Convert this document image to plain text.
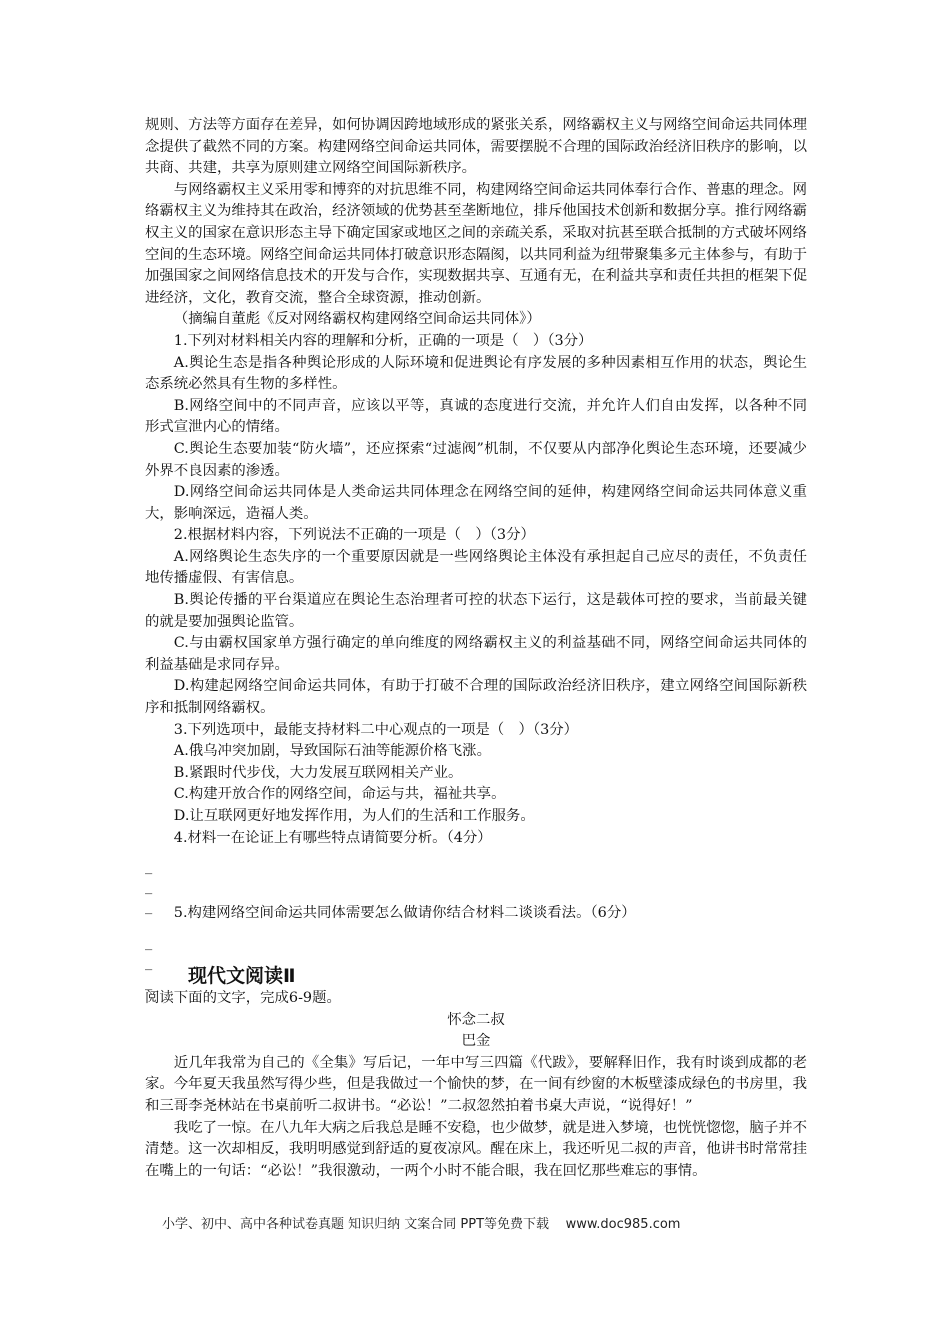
规则、方法等方面存在差异，如何协调因跨地域形成的紧张关系，网络霸权主义与网络空间命运共同体理念提供了截然不同的方案。构建网络空间命运共同体，需要摆脱不合理的国际政治经济旧秩序的影响，以共商、共建，共享为原则建立网络空间国际新秩序。

与网络霸权主义采用零和博弈的对抗思维不同，构建网络空间命运共同体奉行合作、普惠的理念。网络霸权主义为维持其在政治，经济领域的优势甚至垄断地位，排斥他国技术创新和数据分享。推行网络霸权主义的国家在意识形态主导下确定国家或地区之间的亲疏关系，采取对抗甚至联合抵制的方式破坏网络空间的生态环境。网络空间命运共同体打破意识形态隔阂，以共同利益为纽带聚集多元主体参与，有助于加强国家之间网络信息技术的开发与合作，实现数据共享、互通有无，在利益共享和责任共担的框架下促进经济，文化，教育交流，整合全球资源，推动创新。

（摘编自董彪《反对网络霸权构建网络空间命运共同体》）

1.下列对材料相关内容的理解和分析，正确的一项是（　）（3分）

A.舆论生态是指各种舆论形成的人际环境和促进舆论有序发展的多种因素相互作用的状态，舆论生态系统必然具有生物的多样性。

B.网络空间中的不同声音，应该以平等，真诚的态度进行交流，并允许人们自由发挥，以各种不同形式宣泄内心的情绪。

C.舆论生态要加装“防火墙”，还应探索“过滤阀”机制，不仅要从内部净化舆论生态环境，还要减少外界不良因素的渗透。

D.网络空间命运共同体是人类命运共同体理念在网络空间的延伸，构建网络空间命运共同体意义重大，影响深远，造福人类。

2.根据材料内容，下列说法不正确的一项是（　）（3分）

A.网络舆论生态失序的一个重要原因就是一些网络舆论主体没有承担起自己应尽的责任，不负责任地传播虚假、有害信息。

B.舆论传播的平台渠道应在舆论生态治理者可控的状态下运行，这是载体可控的要求，当前最关键的就是要加强舆论监管。

C.与由霸权国家单方强行确定的单向维度的网络霸权主义的利益基础不同，网络空间命运共同体的利益基础是求同存异。

D.构建起网络空间命运共同体，有助于打破不合理的国际政治经济旧秩序，建立网络空间国际新秩序和抵制网络霸权。

3.下列选项中，最能支持材料二中心观点的一项是（　）（3分）

A.俄乌冲突加剧，导致国际石油等能源价格飞涨。

B.紧跟时代步伐，大力发展互联网相关产业。

C.构建开放合作的网络空间，命运与共，福祉共享。

D.让互联网更好地发挥作用，为人们的生活和工作服务。

4.材料一在论证上有哪些特点请简要分析。（4分）

_

_

_	5.构建网络空间命运共同体需要怎么做请你结合材料二谈谈看法。（6分）

_

_

_	现代文阅读Ⅱ

阅读下面的文字，完成6-9题。

怀念二叔

巴金

近几年我常为自己的《全集》写后记，一年中写三四篇《代跋》，要解释旧作，我有时谈到成都的老家。今年夏天我虽然写得少些，但是我做过一个愉快的梦，在一间有纱窗的木板壁漆成绿色的书房里，我和三哥李尧林站在书桌前听二叔讲书。“必讼！”二叔忽然拍着书桌大声说，“说得好！”

我吃了一惊。在八九年大病之后我总是睡不安稳，也少做梦，就是进入梦境，也恍恍惚惚，脑子并不清楚。这一次却相反，我明明感觉到舒适的夏夜凉风。醒在床上，我还听见二叔的声音，他讲书时常常挂在嘴上的一句话：“必讼！”我很激动，一两个小时不能合眼，我在回忆那些难忘的事情。

小学、初中、高中各种试卷真题 知识归纳 文案合同 PPT等免费下载 www.doc985.com
